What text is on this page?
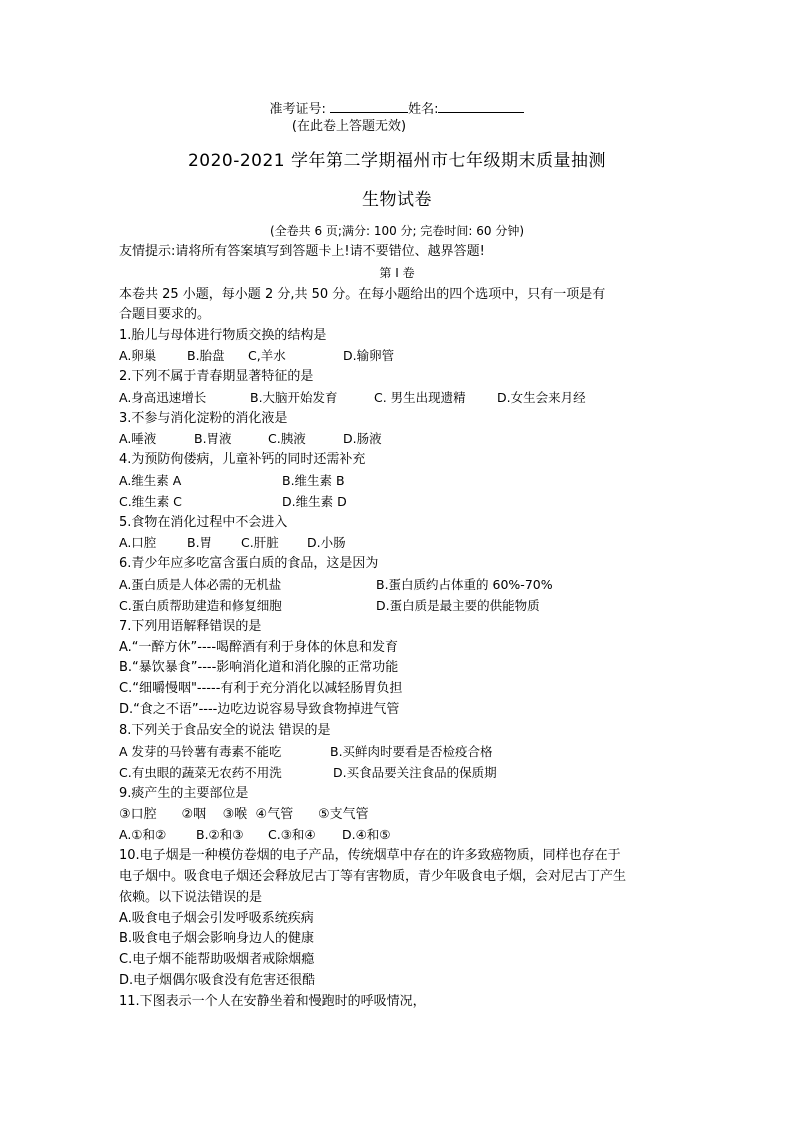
准考证号:	姓名:
(在此卷上答题无效)
2020-2021 学年第二学期福州市七年级期末质量抽测
生物试卷
(全卷共 6 页;满分: 100 分; 完卷时间: 60 分钟)
友情提示:请将所有答案填写到答题卡上!请不要错位、越界答题!
第 I 卷
本卷共 25 小题，每小题 2 分,共 50 分。在每小题给出的四个选项中，只有一项是有
合题目要求的。
1.胎儿与母体进行物质交换的结构是
A.卵巢 B.胎盘 C,羊水	D.输卵管
2.下列不属于青春期显著特征的是
A.身高迅速增长	B.大脑开始发育	C. 男生出现遗精	D.女生会来月经
3.不参与消化淀粉的消化液是
A.唾液	B.胃液	C.胰液	D.肠液
4.为预防佝偻病，儿童补钙的同时还需补充
A.维生素 A	B.维生素 B
C.维生素 C	D.维生素 D
5.食物在消化过程中不会进入
A.口腔 B.胃 C.肝脏 D.小肠
6.青少年应多吃富含蛋白质的食品，这是因为
A.蛋白质是人体必需的无机盐	B.蛋白质约占体重的 60%-70%
C.蛋白质帮助建造和修复细胞	D.蛋白质是最主要的供能物质
7.下列用语解释错误的是
A.“一醉方休”----喝醉酒有利于身体的休息和发育
B.“暴饮暴食”----影响消化道和消化腺的正常功能
C.“细嚼慢咽"-----有利于充分消化以减轻肠胃负担
D.“食之不语”----边吃边说容易导致食物掉进气管
8.下列关于食品安全的说法 错误的是
A 发芽的马铃薯有毒素不能吃	B.买鲜肉时要看是否检疫合格
C.有虫眼的蔬菜无农药不用洗	D.买食品要关注食品的保质期
9.痰产生的主要部位是
③口腔      ②咽    ③喉  ④气管      ⑤支气管
A.①和② B.②和③ C.③和④ D.④和⑤
10.电子烟是一种模仿卷烟的电子产品，传统烟草中存在的许多致癌物质，同样也存在于
电子烟中。吸食电子烟还会释放尼古丁等有害物质，青少年吸食电子烟，会对尼古丁产生
依赖。以下说法错误的是
A.吸食电子烟会引发呼吸系统疾病
B.吸食电子烟会影响身边人的健康
C.电子烟不能帮助吸烟者戒除烟瘾
D.电子烟偶尔吸食没有危害还很酷
11.下图表示一个人在安静坐着和慢跑时的呼吸情况，
